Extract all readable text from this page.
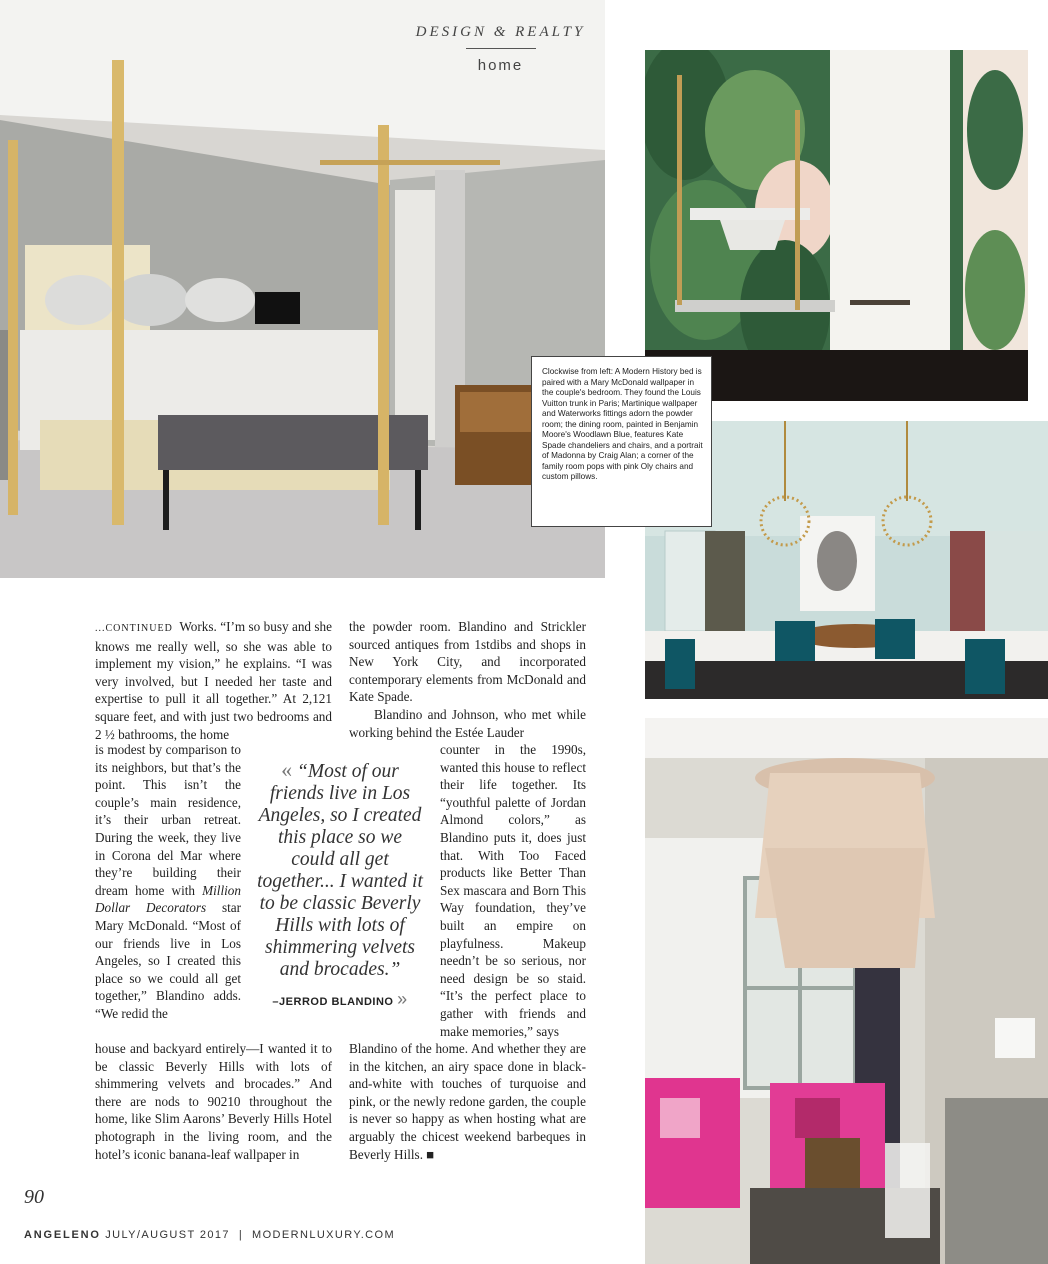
DESIGN & REALTY
home
Clockwise from left: A Modern History bed is paired with a Mary McDonald wallpaper in the couple's bedroom. They found the Louis Vuitton trunk in Paris; Martinique wallpaper and Waterworks fittings adorn the powder room; the dining room, painted in Benjamin Moore's Woodlawn Blue, features Kate Spade chandeliers and chairs, and a portrait of Madonna by Craig Alan; a corner of the family room pops with pink Oly chairs and custom pillows.

...CONTINUED Works. “I’m so busy and she knows me really well, so she was able to implement my vision,” he explains. “I was very involved, but I needed her taste and expertise to pull it all together.” At 2,121 square feet, and with just two bedrooms and 2 ½ bathrooms, the home

is modest by comparison to its neighbors, but that’s the point. This isn’t the couple’s main residence, it’s their urban retreat. During the week, they live in Corona del Mar where they’re building their dream home with Million Dollar Decorators star Mary McDonald. “Most of our friends live in Los Angeles, so I created this place so we could all get together,” Blandino adds. “We redid the

house and backyard entirely—I wanted it to be classic Beverly Hills with lots of shimmering velvets and brocades.” And there are nods to 90210 throughout the home, like Slim Aarons’ Beverly Hills Hotel photograph in the living room, and the hotel’s iconic banana-leaf wallpaper in

the powder room. Blandino and Strickler sourced antiques from 1stdibs and shops in New York City, and incorporated contemporary elements from McDonald and Kate Spade.

Blandino and Johnson, who met while working behind the Estée Lauder

counter in the 1990s, wanted this house to reflect their life together. Its “youthful palette of Jordan Almond colors,” as Blandino puts it, does just that. With Too Faced products like Better Than Sex mascara and Born This Way foundation, they’ve built an empire on playfulness. Makeup needn’t be so serious, nor need design be so staid. “It’s the perfect place to gather with friends and make memories,” says

Blandino of the home. And whether they are in the kitchen, an airy space done in black-and-white with touches of turquoise and pink, or the newly redone garden, the couple is never so happy as when hosting what are arguably the chicest weekend barbeques in Beverly Hills. ■

« “Most of our friends live in Los Angeles, so I created this place so we could all get together... I wanted it to be classic Beverly Hills with lots of shimmering velvets and brocades.”
–JERROD BLANDINO »
90
ANGELENO JULY/AUGUST 2017 | MODERNLUXURY.COM
